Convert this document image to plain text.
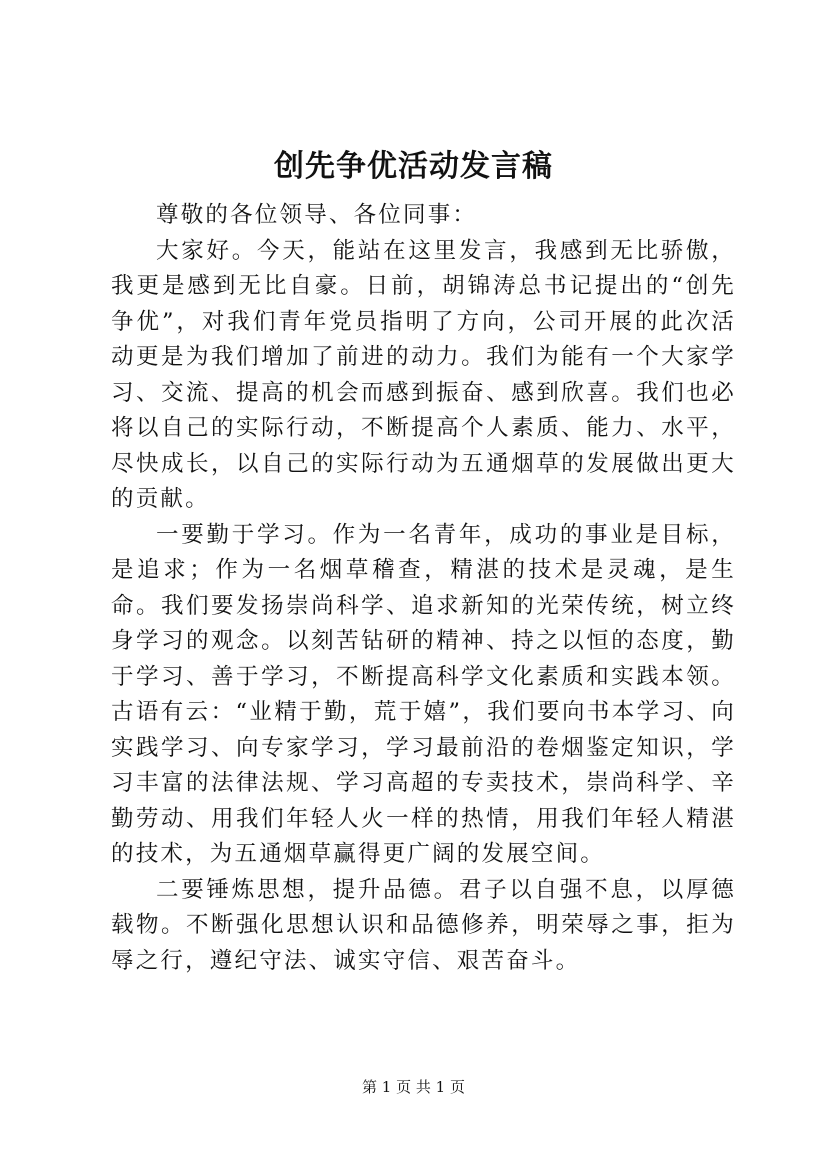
创先争优活动发言稿

尊敬的各位领导、各位同事：

大家好。今天，能站在这里发言，我感到无比骄傲，我更是感到无比自豪。日前，胡锦涛总书记提出的“创先争优”，对我们青年党员指明了方向，公司开展的此次活动更是为我们增加了前进的动力。我们为能有一个大家学习、交流、提高的机会而感到振奋、感到欣喜。我们也必将以自己的实际行动，不断提高个人素质、能力、水平，尽快成长，以自己的实际行动为五通烟草的发展做出更大的贡献。

一要勤于学习。作为一名青年，成功的事业是目标，是追求；作为一名烟草稽查，精湛的技术是灵魂，是生命。我们要发扬崇尚科学、追求新知的光荣传统，树立终身学习的观念。以刻苦钻研的精神、持之以恒的态度，勤于学习、善于学习，不断提高科学文化素质和实践本领。古语有云：“业精于勤，荒于嬉”，我们要向书本学习、向实践学习、向专家学习，学习最前沿的卷烟鉴定知识，学习丰富的法律法规、学习高超的专卖技术，崇尚科学、辛勤劳动、用我们年轻人火一样的热情，用我们年轻人精湛的技术，为五通烟草赢得更广阔的发展空间。

二要锤炼思想，提升品德。君子以自强不息，以厚德载物。不断强化思想认识和品德修养，明荣辱之事，拒为辱之行，遵纪守法、诚实守信、艰苦奋斗。

第 1 页 共 1 页
